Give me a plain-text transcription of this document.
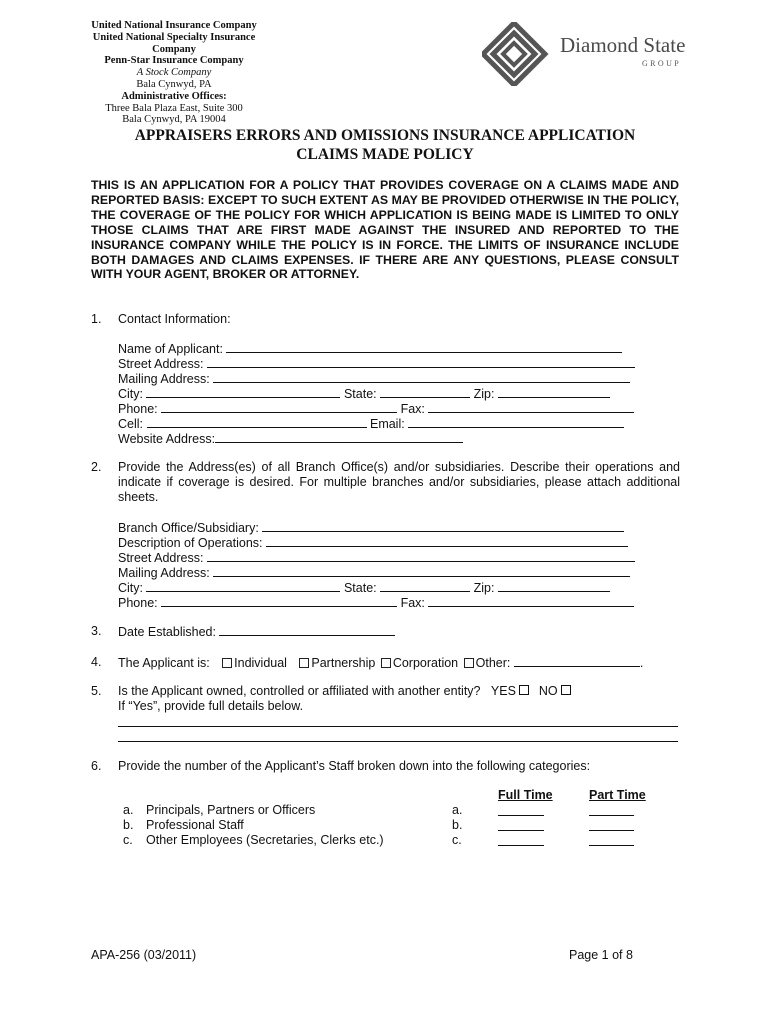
United National Insurance Company
United National Specialty Insurance Company
Penn-Star Insurance Company
A Stock Company
Bala Cynwyd, PA
Administrative Offices:
Three Bala Plaza East, Suite 300
Bala Cynwyd, PA 19004
Diamond State
GROUP
APPRAISERS ERRORS AND OMISSIONS INSURANCE APPLICATION
CLAIMS MADE POLICY
THIS IS AN APPLICATION FOR A POLICY THAT PROVIDES COVERAGE ON A CLAIMS MADE AND REPORTED BASIS: EXCEPT TO SUCH EXTENT AS MAY BE PROVIDED OTHERWISE IN THE POLICY, THE COVERAGE OF THE POLICY FOR WHICH APPLICATION IS BEING MADE IS LIMITED TO ONLY THOSE CLAIMS THAT ARE FIRST MADE AGAINST THE INSURED AND REPORTED TO THE INSURANCE COMPANY WHILE THE POLICY IS IN FORCE. THE LIMITS OF INSURANCE INCLUDE BOTH DAMAGES AND CLAIMS EXPENSES. IF THERE ARE ANY QUESTIONS, PLEASE CONSULT WITH YOUR AGENT, BROKER OR ATTORNEY.
1. Contact Information:
Name of Applicant:
Street Address:
Mailing Address:
City:	State:	Zip:
Phone:	Fax:
Cell:	Email:
Website Address:
2. Provide the Address(es) of all Branch Office(s) and/or subsidiaries. Describe their operations and indicate if coverage is desired. For multiple branches and/or subsidiaries, please attach additional sheets.
Branch Office/Subsidiary:
Description of Operations:
Street Address:
Mailing Address:
City:	State:	Zip:
Phone:	Fax:
3. Date Established:
4. The Applicant is: Individual Partnership Corporation Other:	.
5. Is the Applicant owned, controlled or affiliated with another entity? YES NO
If “Yes”, provide full details below.
6. Provide the number of the Applicant’s Staff broken down into the following categories:
Full Time	Part Time
a. Principals, Partners or Officers	a.
b. Professional Staff	b.
c. Other Employees (Secretaries, Clerks etc.)	c.
APA-256 (03/2011)	Page 1 of 8
